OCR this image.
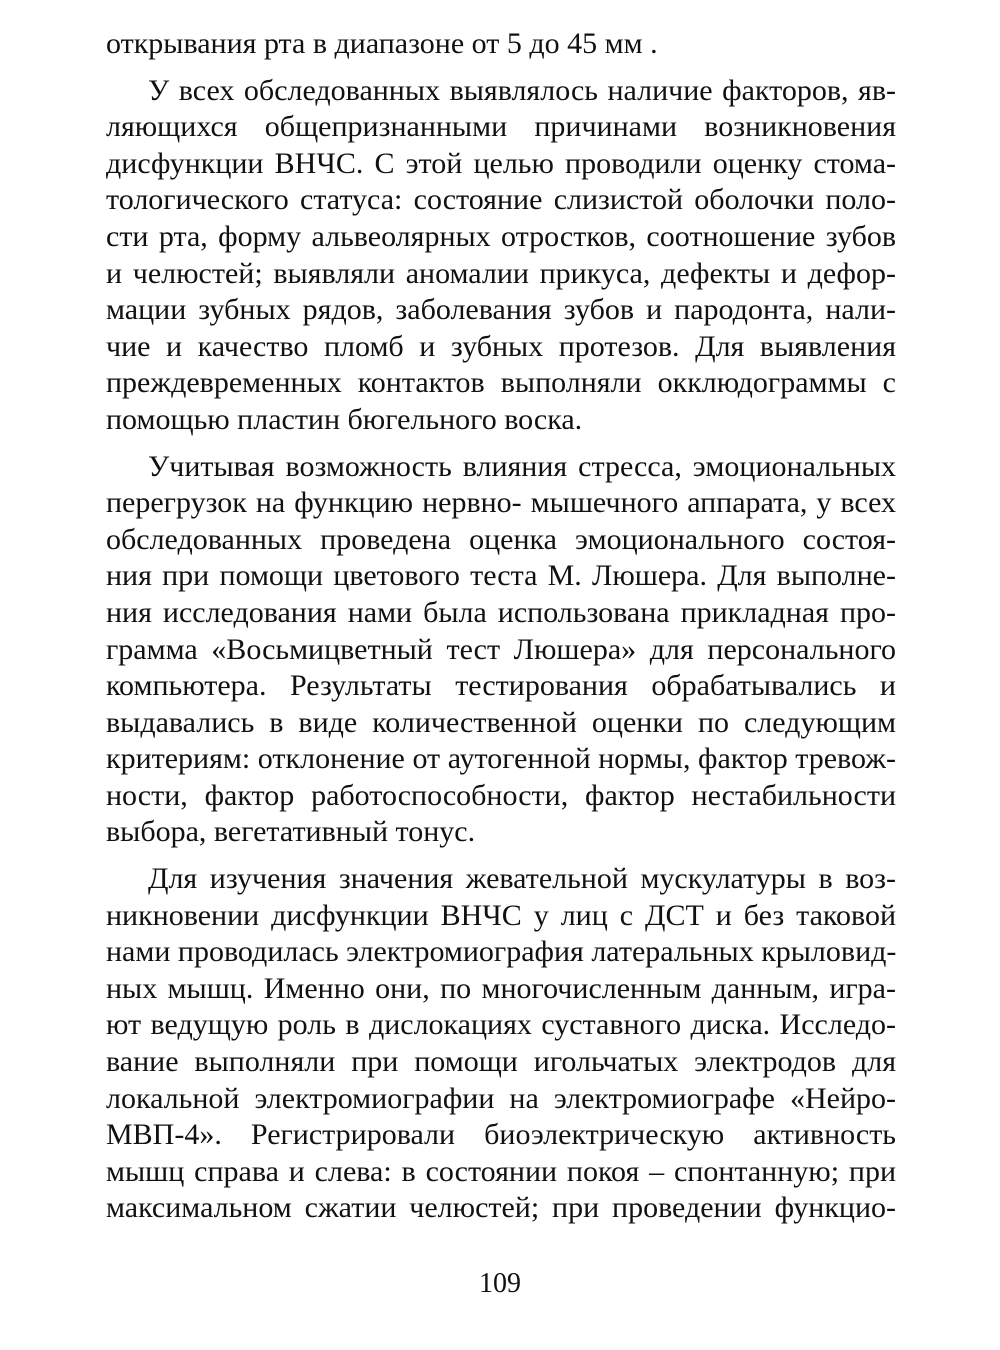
открывания рта в диапазоне от 5 до 45 мм .
У всех обследованных выявлялось наличие факторов, яв-
ляющихся общепризнанными причинами возникновения
дисфункции ВНЧС. С этой целью проводили оценку стома-
тологического статуса: состояние слизистой оболочки поло-
сти рта, форму альвеолярных отростков, соотношение зубов
и челюстей; выявляли аномалии прикуса, дефекты и дефор-
мации зубных рядов, заболевания зубов и пародонта, нали-
чие и качество пломб и зубных протезов. Для выявления
преждевременных контактов выполняли окклюдограммы с
помощью пластин бюгельного воска.
Учитывая возможность влияния стресса, эмоциональных
перегрузок на функцию нервно- мышечного аппарата, у всех
обследованных проведена оценка эмоционального состоя-
ния при помощи цветового теста М. Люшера. Для выполне-
ния исследования нами была использована прикладная про-
грамма «Восьмицветный тест Люшера» для персонального
компьютера. Результаты тестирования обрабатывались и
выдавались в виде количественной оценки по следующим
критериям: отклонение от аутогенной нормы, фактор тревож-
ности, фактор работоспособности, фактор нестабильности
выбора, вегетативный тонус.
Для изучения значения жевательной мускулатуры в воз-
никновении дисфункции ВНЧС у лиц с ДСТ и без таковой
нами проводилась электромиография латеральных крыловид-
ных мышц. Именно они, по многочисленным данным, игра-
ют ведущую роль в дислокациях суставного диска. Исследо-
вание выполняли при помощи игольчатых электродов для
локальной электромиографии на электромиографе «Нейро-
МВП-4». Регистрировали биоэлектрическую активность
мышц справа и слева: в состоянии покоя – спонтанную; при
максимальном сжатии челюстей; при проведении функцио-
109
